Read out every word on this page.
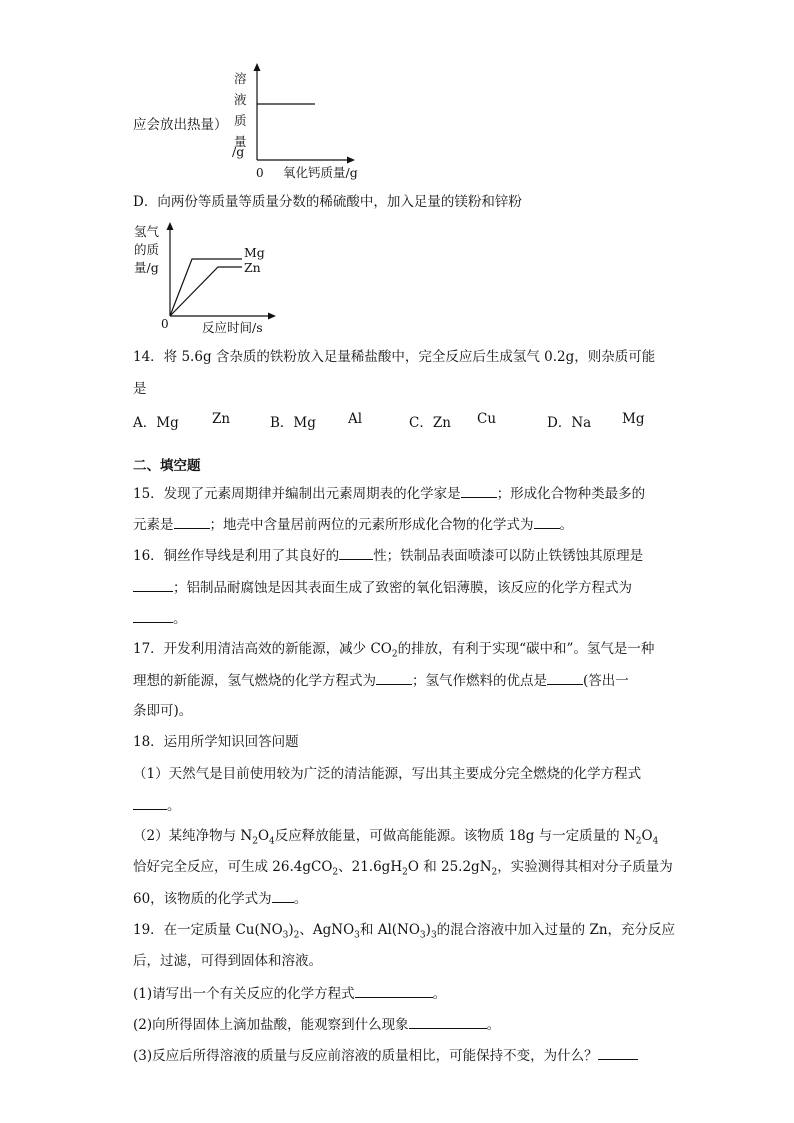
应会放出热量）
溶
液
质
量
/g
0 氧化钙质量/g
D．向两份等质量等质量分数的稀硫酸中，加入足量的镁粉和锌粉
氢气
的质
量/g
Mg
Zn
0	反应时间/s
14．将 5.6g 含杂质的铁粉放入足量稀盐酸中，完全反应后生成氢气 0.2g，则杂质可能
是
A．Mg Zn	B．Mg Al	C．Zn Cu	D．Na Mg
二、填空题
15．发现了元素周期律并编制出元素周期表的化学家是	；形成化合物种类最多的
元素是	；地壳中含量居前两位的元素所形成化合物的化学式为 。
16．铜丝作导线是利用了其良好的	性；铁制品表面喷漆可以防止铁锈蚀其原理是
；铝制品耐腐蚀是因其表面生成了致密的氧化铝薄膜，该反应的化学方程式为
。
17．开发利用清洁高效的新能源，减少 $CO_2$的排放，有利于实现“碳中和”。氢气是一种
理想的新能源，氢气燃烧的化学方程式为	；氢气作燃料的优点是	(答出一
条即可)。
18．运用所学知识回答问题
（1）天然气是目前使用较为广泛的清洁能源，写出其主要成分完全燃烧的化学方程式
。
（2）某纯净物与 $N_2O_4$反应释放能量，可做高能能源。该物质 18g 与一定质量的 $N_2O_4$
恰好完全反应，可生成 26.4gCO$_2$、$21.6gH_2O$ 和 $25.2gN_2$，实验测得其相对分子质量为
60，该物质的化学式为 。
19．在一定质量 $Cu(NO_3)_2$、AgNO$_3$和 $Al(NO_3)_3$的混合溶液中加入过量的 Zn，充分反应
后，过滤，可得到固体和溶液。
(1)请写出一个有关反应的化学方程式	。
(2)向所得固体上滴加盐酸，能观察到什么现象	。
(3)反应后所得溶液的质量与反应前溶液的质量相比，可能保持不变，为什么？
